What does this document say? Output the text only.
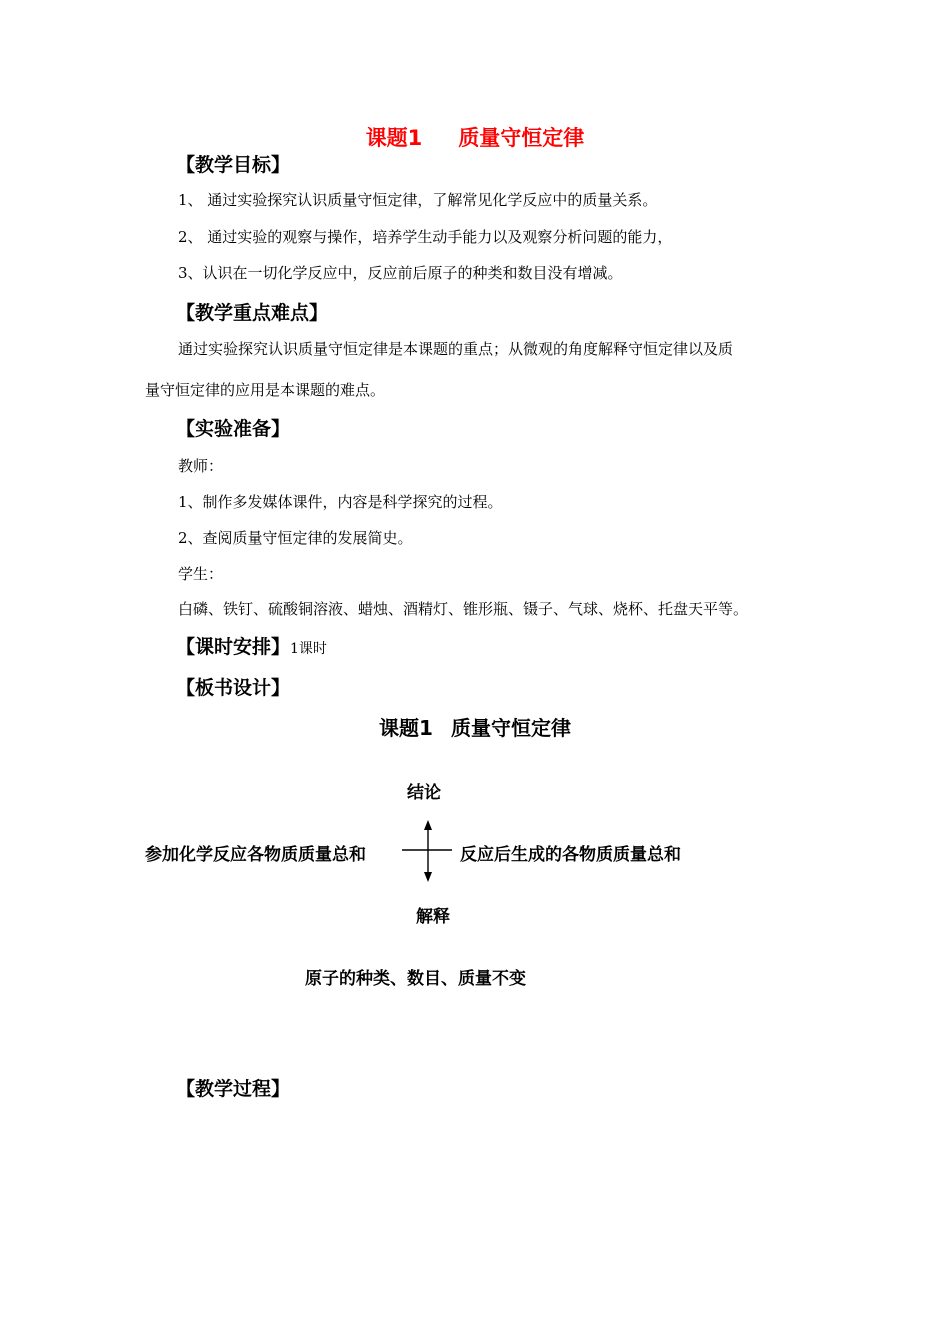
课题1 质量守恒定律
【教学目标】
1、 通过实验探究认识质量守恒定律，了解常见化学反应中的质量关系。
2、 通过实验的观察与操作，培养学生动手能力以及观察分析问题的能力，
3、认识在一切化学反应中，反应前后原子的种类和数目没有增减。
【教学重点难点】
通过实验探究认识质量守恒定律是本课题的重点；从微观的角度解释守恒定律以及质
量守恒定律的应用是本课题的难点。
【实验准备】
教师：
1、制作多发媒体课件，内容是科学探究的过程。
2、查阅质量守恒定律的发展简史。
学生：
白磷、铁钉、硫酸铜溶液、蜡烛、酒精灯、锥形瓶、镊子、气球、烧杯、托盘天平等。
【课时安排】1课时
【板书设计】
课题1 质量守恒定律
结论
参加化学反应各物质质量总和	反应后生成的各物质质量总和
解释
原子的种类、数目、质量不变
【教学过程】
